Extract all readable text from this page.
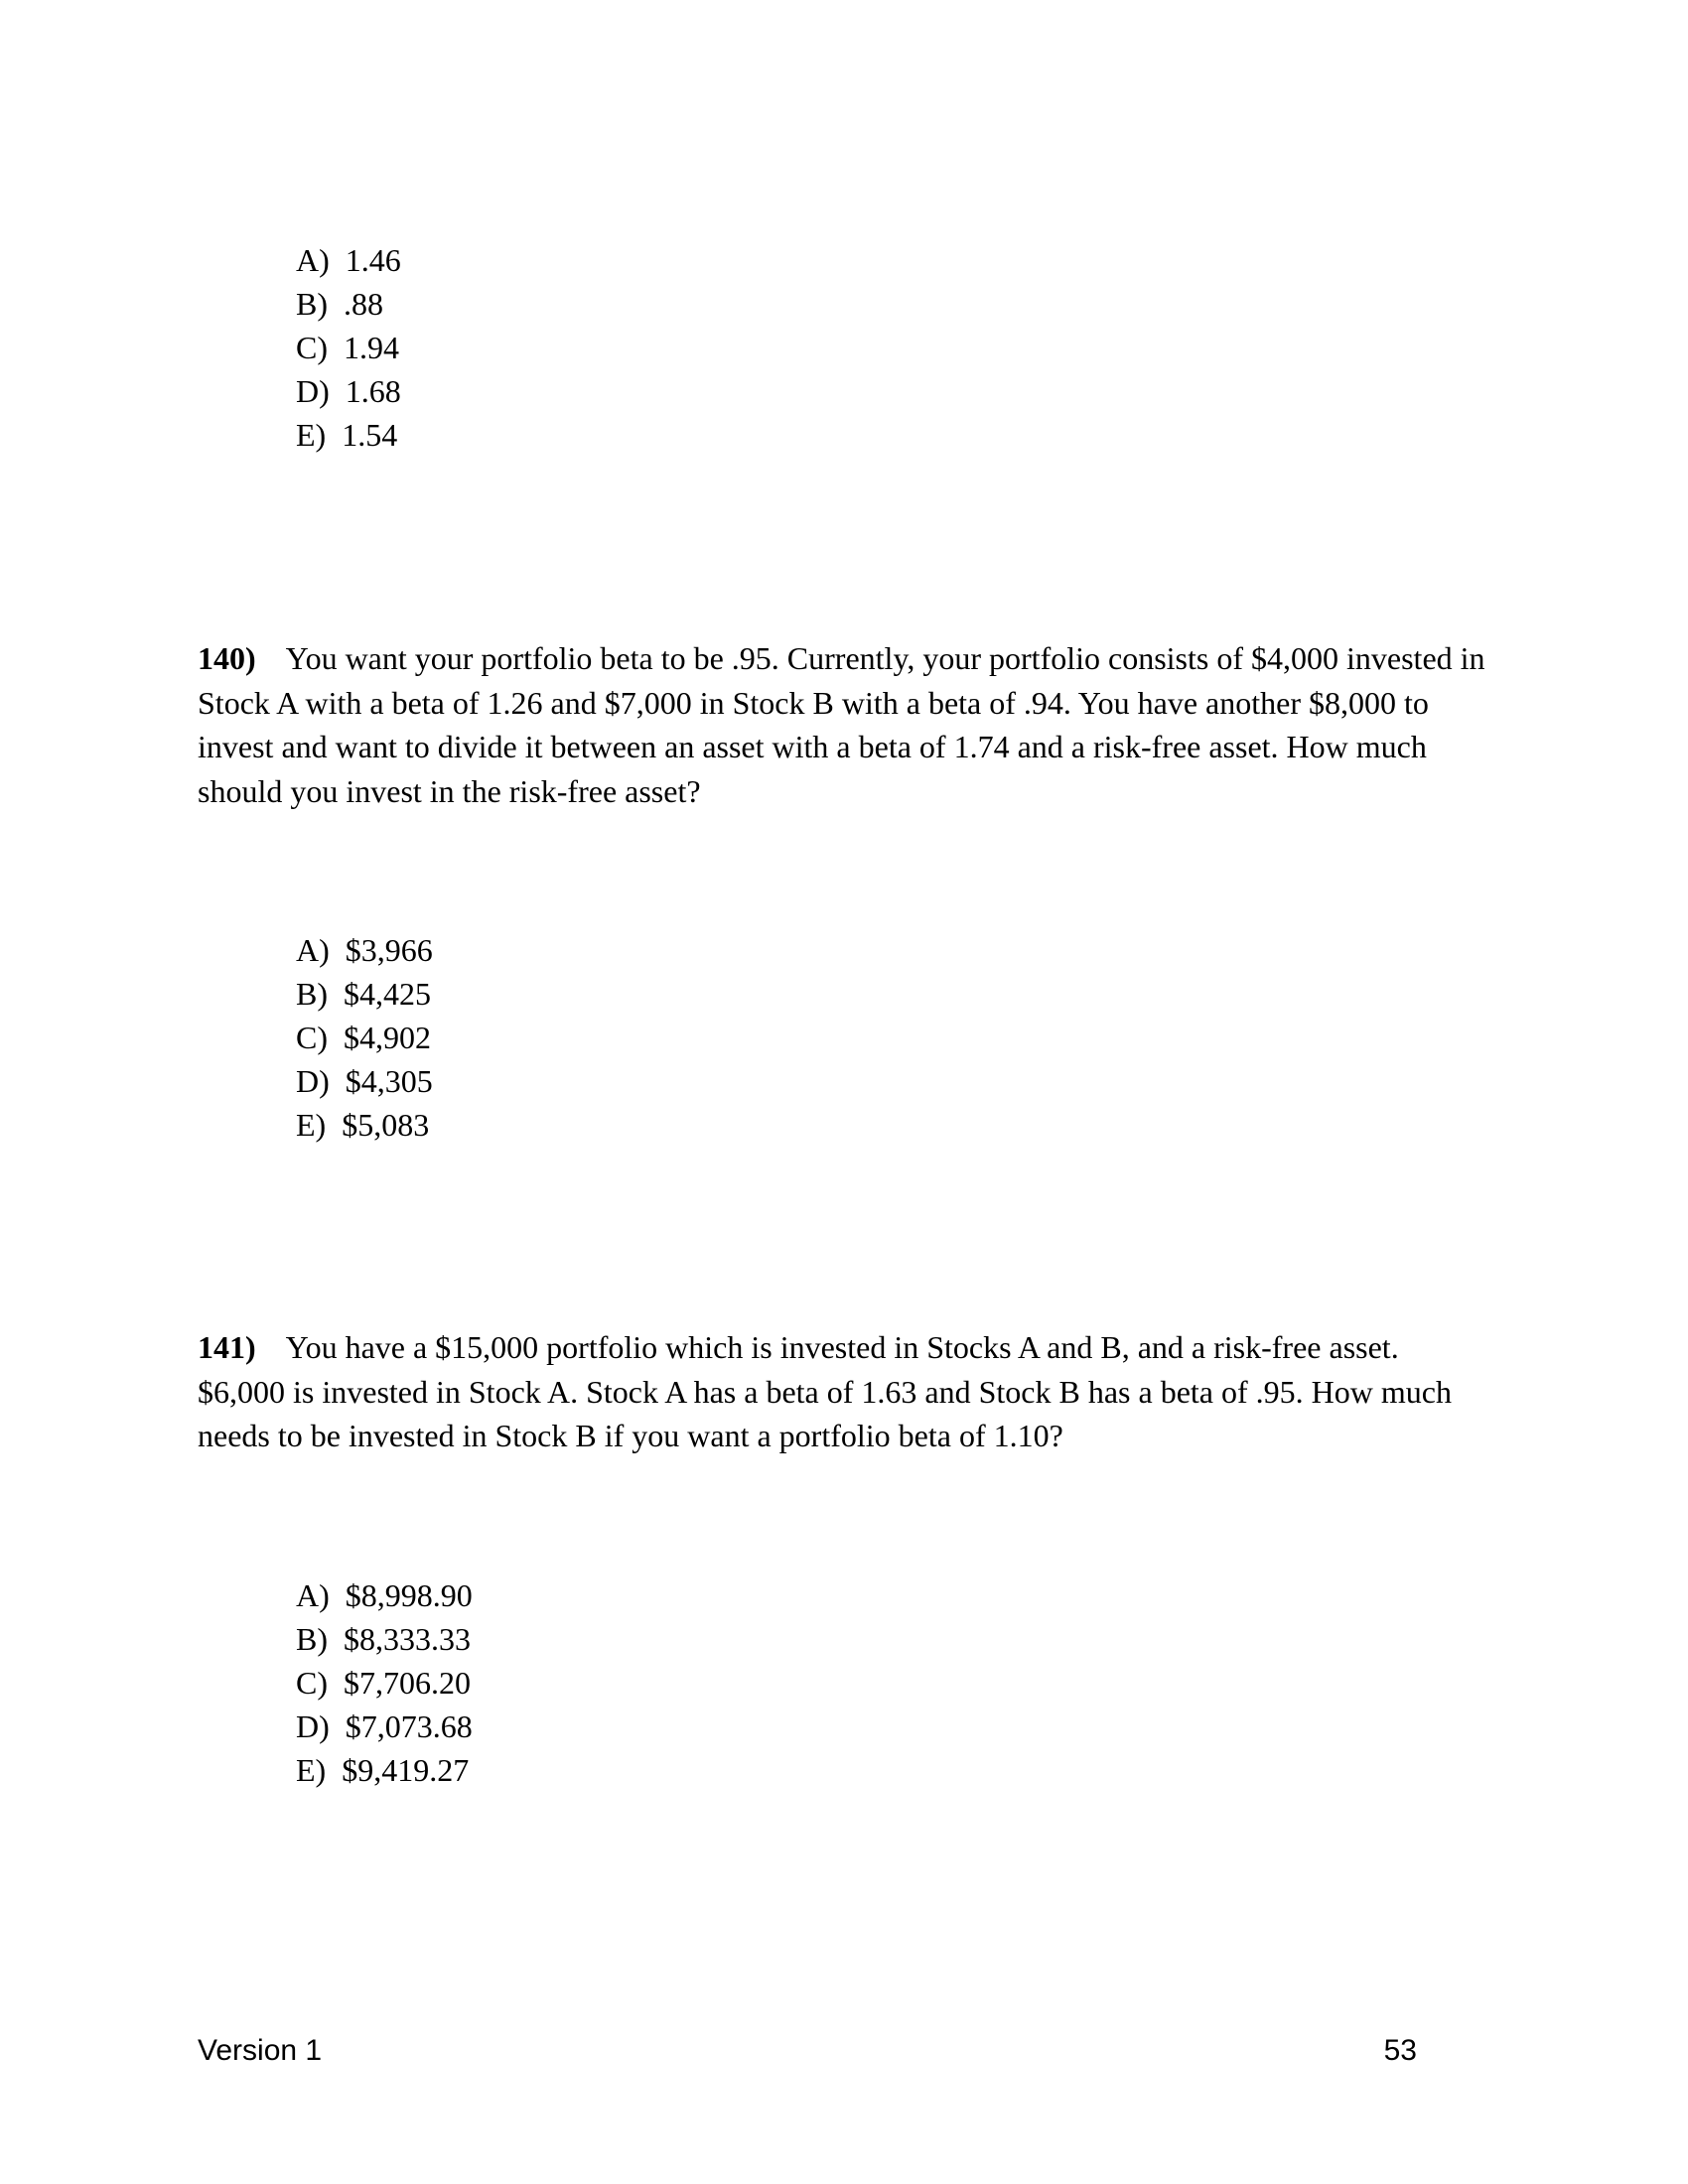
A) 1.46
B) .88
C) 1.94
D) 1.68
E) 1.54

140) You want your portfolio beta to be .95. Currently, your portfolio consists of $4,000 invested in Stock A with a beta of 1.26 and $7,000 in Stock B with a beta of .94. You have another $8,000 to invest and want to divide it between an asset with a beta of 1.74 and a risk-free asset. How much should you invest in the risk-free asset?

A) $3,966
B) $4,425
C) $4,902
D) $4,305
E) $5,083

141) You have a $15,000 portfolio which is invested in Stocks A and B, and a risk-free asset. $6,000 is invested in Stock A. Stock A has a beta of 1.63 and Stock B has a beta of .95. How much needs to be invested in Stock B if you want a portfolio beta of 1.10?

A) $8,998.90
B) $8,333.33
C) $7,706.20
D) $7,073.68
E) $9,419.27
Version 1	53
